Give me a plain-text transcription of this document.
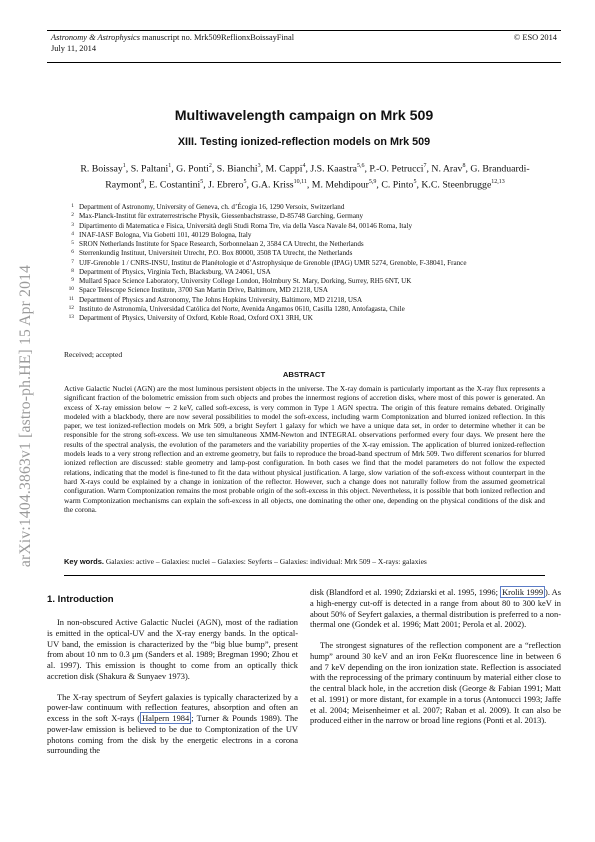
Astronomy & Astrophysics manuscript no. Mrk509ReflionxBoissayFinal
July 11, 2014
© ESO 2014
arXiv:1404.3863v1 [astro-ph.HE] 15 Apr 2014
Multiwavelength campaign on Mrk 509
XIII. Testing ionized-reflection models on Mrk 509
R. Boissay$^1$, S. Paltani$^1$, G. Ponti$^2$, S. Bianchi$^3$, M. Cappi$^4$, J.S. Kaastra$^{5,6}$, P.-O. Petrucci$^7$, N. Arav$^8$, G. Branduardi-Raymont$^9$, E. Costantini$^5$, J. Ebrero$^5$, G.A. Kriss$^{10,11}$, M. Mehdipour$^{5,9}$, C. Pinto$^5$, K.C. Steenbrugge$^{12,13}$
1 Department of Astronomy, University of Geneva, ch. d’Écogia 16, 1290 Versoix, Switzerland
2 Max-Planck-Institut für extraterrestrische Physik, Giessenbachstrasse, D-85748 Garching, Germany
3 Dipartimento di Matematica e Fisica, Università degli Studi Roma Tre, via della Vasca Navale 84, 00146 Roma, Italy
4 INAF-IASF Bologna, Via Gobetti 101, 40129 Bologna, Italy
5 SRON Netherlands Institute for Space Research, Sorbonnelaan 2, 3584 CA Utrecht, the Netherlands
6 Sterrenkundig Instituut, Universiteit Utrecht, P.O. Box 80000, 3508 TA Utrecht, the Netherlands
7 UJF-Grenoble 1 / CNRS-INSU, Institut de Planétologie et d’Astrophysique de Grenoble (IPAG) UMR 5274, Grenoble, F-38041, France
8 Department of Physics, Virginia Tech, Blacksburg, VA 24061, USA
9 Mullard Space Science Laboratory, University College London, Holmbury St. Mary, Dorking, Surrey, RH5 6NT, UK
10 Space Telescope Science Institute, 3700 San Martin Drive, Baltimore, MD 21218, USA
11 Department of Physics and Astronomy, The Johns Hopkins University, Baltimore, MD 21218, USA
12 Instituto de Astronomía, Universidad Católica del Norte, Avenida Angamos 0610, Casilla 1280, Antofagasta, Chile
13 Department of Physics, University of Oxford, Keble Road, Oxford OX1 3RH, UK
Received; accepted
ABSTRACT

Active Galactic Nuclei (AGN) are the most luminous persistent objects in the universe. The X-ray domain is particularly important as the X-ray flux represents a significant fraction of the bolometric emission from such objects and probes the innermost regions of accretion disks, where most of this power is generated. An excess of X-ray emission below ∼ 2 keV, called soft-excess, is very common in Type 1 AGN spectra. The origin of this feature remains debated. Originally modeled with a blackbody, there are now several possibilities to model the soft-excess, including warm Comptonization and blurred ionized reflection. In this paper, we test ionized-reflection models on Mrk 509, a bright Seyfert 1 galaxy for which we have a unique data set, in order to determine whether it can be responsible for the strong soft-excess. We use ten simultaneous XMM-Newton and INTEGRAL observations performed every four days. We present here the results of the spectral analysis, the evolution of the parameters and the variability properties of the X-ray emission. The application of blurred ionized-reflection models leads to a very strong reflection and an extreme geometry, but fails to reproduce the broad-band spectrum of Mrk 509. Two different scenarios for blurred ionized reflection are discussed: stable geometry and lamp-post configuration. In both cases we find that the model parameters do not follow the expected relations, indicating that the model is fine-tuned to fit the data without physical justification. A large, slow variation of the soft-excess without counterpart in the hard X-rays could be explained by a change in ionization of the reflector. However, such a change does not naturally follow from the assumed geometrical configuration. Warm Comptonization remains the most probable origin of the soft-excess in this object. Nevertheless, it is possible that both ionized reflection and warm Comptonization mechanisms can explain the soft-excess in all objects, one dominating the other one, depending on the physical conditions of the disk and the corona.

Key words. Galaxies: active – Galaxies: nuclei – Galaxies: Seyferts – Galaxies: individual: Mrk 509 – X-rays: galaxies
1. Introduction

In non-obscured Active Galactic Nuclei (AGN), most of the radiation is emitted in the optical-UV and the X-ray energy bands. In the optical-UV band, the emission is characterized by the “big blue bump”, present from about 10 nm to 0.3 μm (Sanders et al. 1989; Bregman 1990; Zhou et al. 1997). This emission is thought to come from an optically thick accretion disk (Shakura & Sunyaev 1973).

The X-ray spectrum of Seyfert galaxies is typically characterized by a power-law continuum with reflection features, absorption and often an excess in the soft X-rays ( Halpern 1984 ; Turner & Pounds 1989). The power-law emission is believed to be due to Comptonization of the UV photons coming from the disk by the energetic electrons in a corona surrounding the

disk (Blandford et al. 1990; Zdziarski et al. 1995, 1996; Krolik 1999 ). As a high-energy cut-off is detected in a range from about 80 to 300 keV in about 50% of Seyfert galaxies, a thermal distribution is preferred to a non-thermal one (Gondek et al. 1996; Matt 2001; Perola et al. 2002).

The strongest signatures of the reflection component are a “reflection hump” around 30 keV and an iron FeKα fluorescence line in between 6 and 7 keV depending on the iron ionization state. Reflection is associated with the reprocessing of the primary continuum by material either close to the central black hole, in the accretion disk (George & Fabian 1991; Matt et al. 1991) or more distant, for example in a torus (Antonucci 1993; Jaffe et al. 2004; Meisenheimer et al. 2007; Raban et al. 2009). It can also be produced either in the narrow or broad line regions (Ponti et al. 2013).
